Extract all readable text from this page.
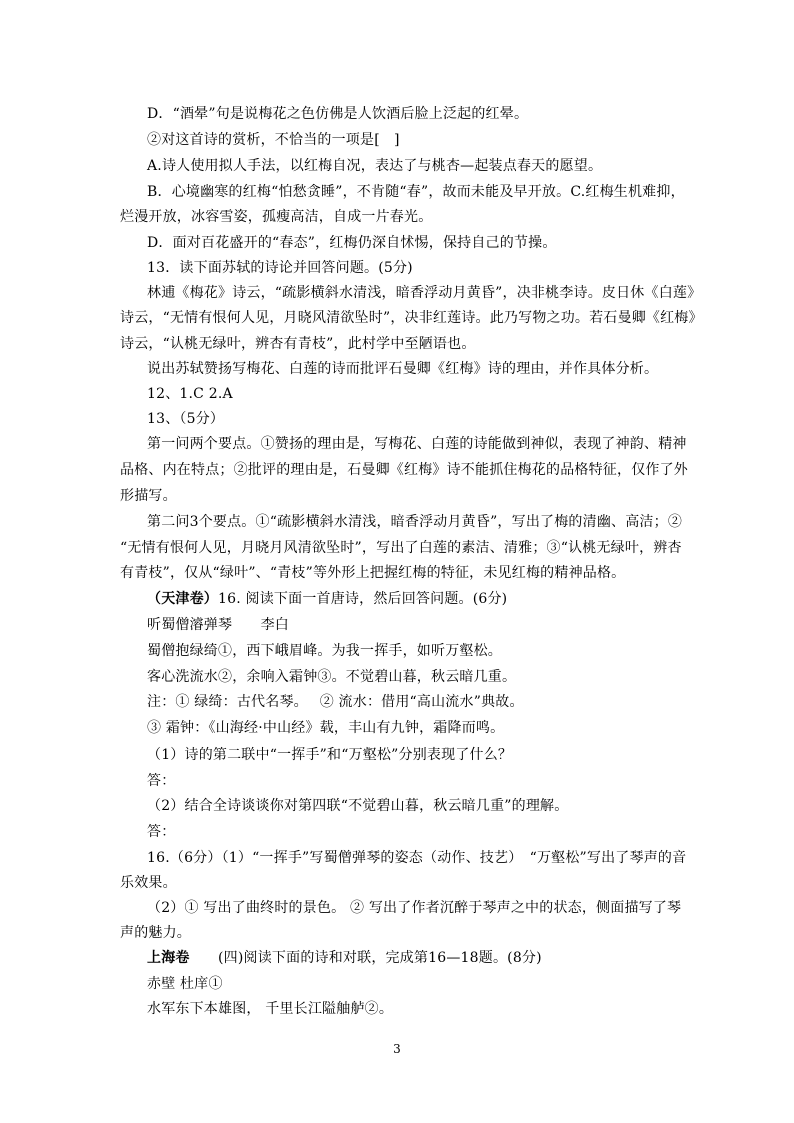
D．“酒晕”句是说梅花之色仿佛是人饮酒后脸上泛起的红晕。
②对这首诗的赏析，不恰当的一项是[　]
A.诗人使用拟人手法，以红梅自况，表达了与桃杏—起装点春天的愿望。
B．心境幽寒的红梅“怕愁贪睡”，不肯随“春”，故而未能及早开放。C.红梅生机难抑，
烂漫开放，冰容雪姿，孤瘦高洁，自成一片春光。
D．面对百花盛开的“春态”，红梅仍深自怵惕，保持自己的节操。
13．读下面苏轼的诗论并回答问题。(5分)
林逋《梅花》诗云，“疏影横斜水清浅，暗香浮动月黄昏”，决非桃李诗。皮日休《白莲》
诗云，“无情有恨何人见，月晓风清欲坠时”，决非红莲诗。此乃写物之功。若石曼卿《红梅》
诗云，“认桃无绿叶，辨杏有青枝”，此村学中至陋语也。
说出苏轼赞扬写梅花、白莲的诗而批评石曼卿《红梅》诗的理由，并作具体分析。
12、1.C 2.A
13、（5分）
第一问两个要点。①赞扬的理由是，写梅花、白莲的诗能做到神似，表现了神韵、精神
品格、内在特点；②批评的理由是，石曼卿《红梅》诗不能抓住梅花的品格特征，仅作了外
形描写。
第二问3个要点。①“疏影横斜水清浅，暗香浮动月黄昏”，写出了梅的清幽、高洁；②
“无情有恨何人见，月晓月风清欲坠时”，写出了白莲的素洁、清雅；③“认桃无绿叶，辨杏
有青枝”，仅从“绿叶”、“青枝”等外形上把握红梅的特征，未见红梅的精神品格。
（天津卷）16. 阅读下面一首唐诗，然后回答问题。(6分)
听蜀僧濬弹琴　　李白
蜀僧抱绿绮①，西下峨眉峰。为我一挥手，如听万壑松。
客心洗流水②，余响入霜钟③。不觉碧山暮，秋云暗几重。
注：① 绿绮：古代名琴。　 ② 流水：借用“高山流水”典故。
③ 霜钟：《山海经·中山经》载，丰山有九钟，霜降而鸣。
（1）诗的第二联中“一挥手”和“万壑松”分别表现了什么？
答：
（2）结合全诗谈谈你对第四联“不觉碧山暮，秋云暗几重”的理解。
答：
16.（6分）（1）“一挥手”写蜀僧弹琴的姿态（动作、技艺）　“万壑松”写出了琴声的音
乐效果。
（2）① 写出了曲终时的景色。 ② 写出了作者沉醉于琴声之中的状态，侧面描写了琴
声的魅力。
上海卷　　(四)阅读下面的诗和对联，完成第16—18题。(8分)
赤壁 杜庠①
水军东下本雄图， 千里长江隘舳舻②。
3
